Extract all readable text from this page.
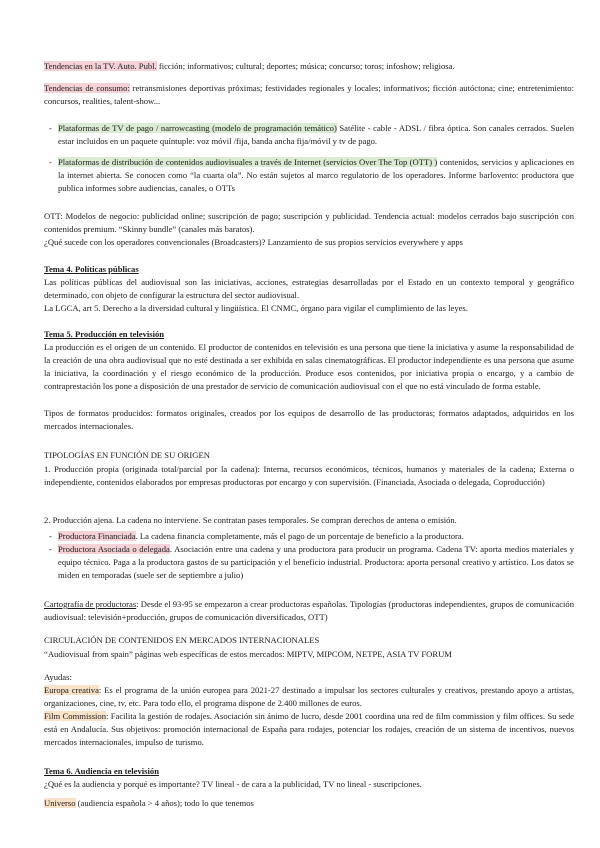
Tendencias en la TV. Auto. Publ. ficción; informativos; cultural; deportes; música; concurso; toros; infoshow; religiosa.

Tendencias de consumo: retransmisiones deportivas próximas; festividades regionales y locales; informativos; ficción autóctona; cine; entretenimiento: concursos, realities, talent-show...

- Plataformas de TV de pago / narrowcasting (modelo de programación temático) Satélite - cable - ADSL / fibra óptica. Son canales cerrados. Suelen estar incluidos en un paquete quíntuple: voz móvil /fija, banda ancha fija/móvil y tv de pago.

- Plataformas de distribución de contenidos audiovisuales a través de Internet (servicios Over The Top (OTT) ) contenidos, servicios y aplicaciones en la internet abierta. Se conocen como “la cuarta ola”. No están sujetos al marco regulatorio de los operadores. Informe barlovento: productora que publica informes sobre audiencias, canales, o OTTs

OTT: Modelos de negocio: publicidad online; suscripción de pago; suscripción y publicidad. Tendencia actual: modelos cerrados bajo suscripción con contenidos premium. “Skinny bundle” (canales más baratos).

¿Qué sucede con los operadores convencionales (Broadcasters)? Lanzamiento de sus propios servicios everywhere y apps

Tema 4. Políticas públicas

Las políticas públicas del audiovisual son las iniciativas, acciones, estrategias desarrolladas por el Estado en un contexto temporal y geográfico determinado, con objeto de configurar la estructura del sector audiovisual.

La LGCA, art 5. Derecho a la diversidad cultural y lingüística. El CNMC, órgano para vigilar el cumplimiento de las leyes.

Tema 5. Producción en televisión

La producción es el origen de un contenido. El productor de contenidos en televisión es una persona que tiene la iniciativa y asume la responsabilidad de la creación de una obra audiovisual que no esté destinada a ser exhibida en salas cinematográficas. El productor independiente es una persona que asume la iniciativa, la coordinación y el riesgo económico de la producción. Produce esos contenidos, por iniciativa propia o encargo, y a cambio de contraprestación los pone a disposición de una prestador de servicio de comunicación audiovisual con el que no está vinculado de forma estable.

Tipos de formatos producidos: formatos originales, creados por los equipos de desarrollo de las productoras; formatos adaptados, adquiridos en los mercados internacionales.

TIPOLOGÍAS EN FUNCIÓN DE SU ORIGEN

1. Producción propia (originada total/parcial por la cadena): Interna, recursos económicos, técnicos, humanos y materiales de la cadena; Externa o independiente, contenidos elaborados por empresas productoras por encargo y con supervisión. (Financiada, Asociada o delegada, Coproducción)

2. Producción ajena. La cadena no interviene. Se contratan pases temporales. Se compran derechos de antena o emisión.

- Productora Financiada. La cadena financia completamente, más el pago de un porcentaje de beneficio a la productora.

- Productora Asociada o delegada. Asociación entre una cadena y una productora para producir un programa. Cadena TV: aporta medios materiales y equipo técnico. Paga a la productora gastos de su participación y el beneficio industrial. Productora: aporta personal creativo y artístico. Los datos se miden en temporadas (suele ser de septiembre a julio)

Cartografía de productoras: Desde el 93-95 se empezaron a crear productoras españolas. Tipologías (productoras independientes, grupos de comunicación audiovisual: televisión+producción, grupos de comunicación diversificados, OTT)

CIRCULACIÓN DE CONTENIDOS EN MERCADOS INTERNACIONALES

“Audiovisual from spain” páginas web específicas de estos mercados: MIPTV, MIPCOM, NETPE, ASIA TV FORUM

Ayudas:

Europa creativa: Es el programa de la unión europea para 2021-27 destinado a impulsar los sectores culturales y creativos, prestando apoyo a artistas, organizaciones, cine, tv, etc. Para todo ello, el programa dispone de 2.400 millones de euros.

Film Commission: Facilita la gestión de rodajes. Asociación sin ánimo de lucro, desde 2001 coordina una red de film commission y film offices. Su sede está en Andalucía. Sus objetivos: promoción internacional de España para rodajes, potenciar los rodajes, creación de un sistema de incentivos, nuevos mercados internacionales, impulso de turismo.

Tema 6. Audiencia en televisión

¿Qué es la audiencia y porqué es importante? TV lineal - de cara a la publicidad, TV no lineal - suscripciones.

Universo (audiencia española > 4 años); todo lo que tenemos
